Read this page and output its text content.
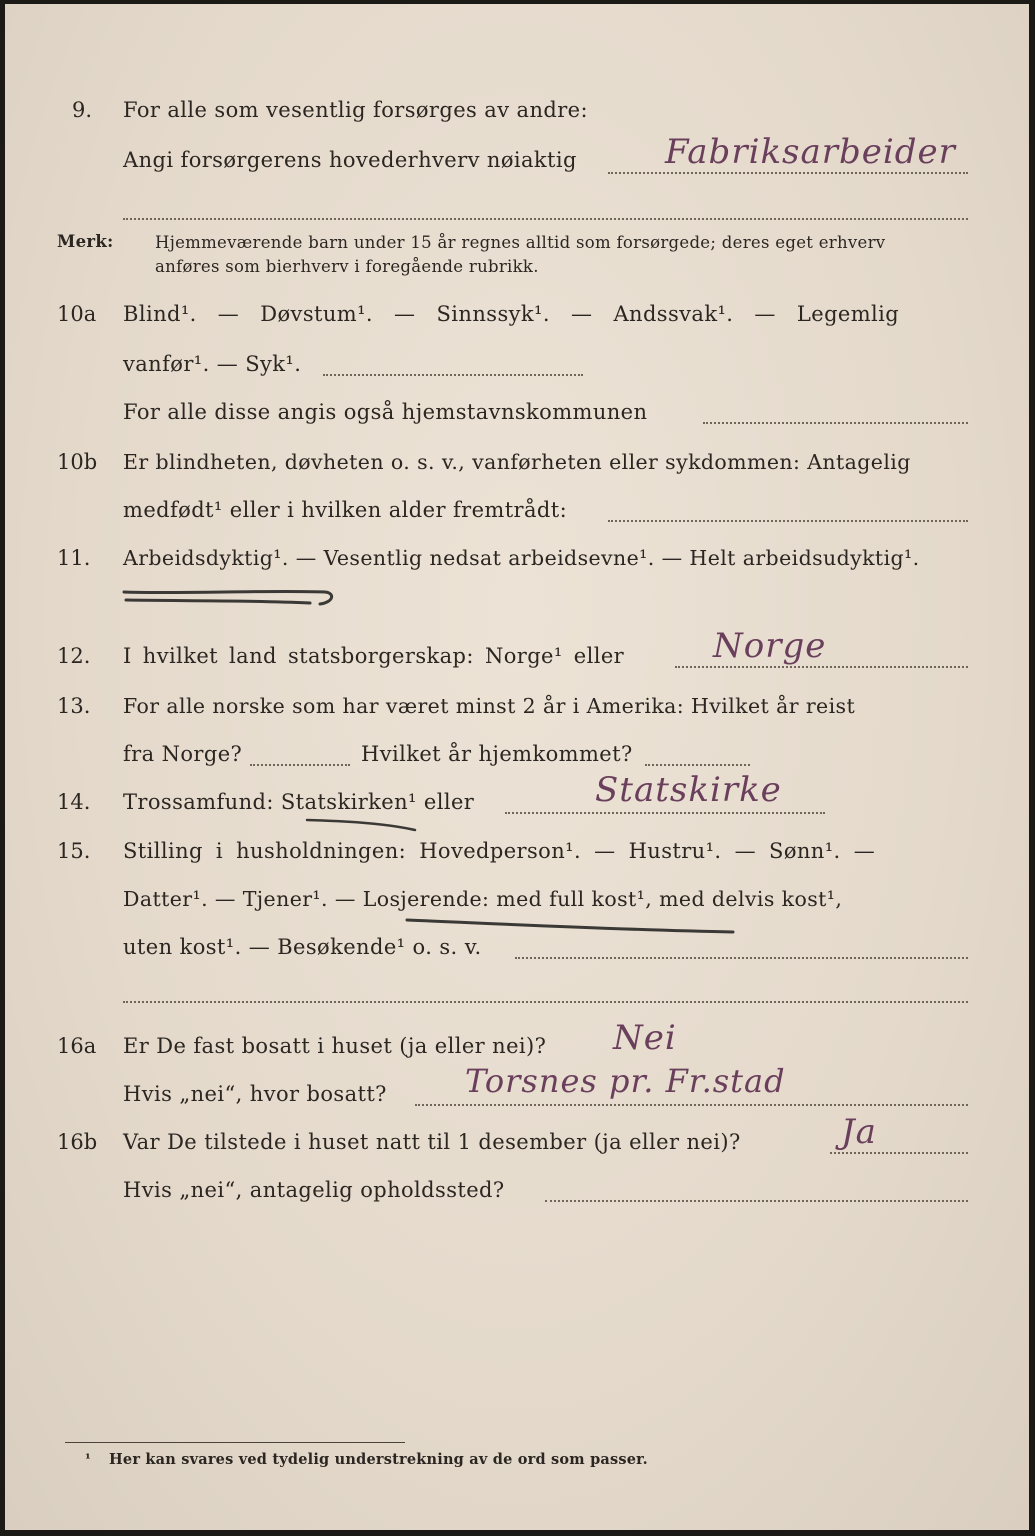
9. For alle som vesentlig forsørges av andre:
Angi forsørgerens hovederhverv nøiaktig	Fabriksarbeider
Merk:	Hjemmeværende barn under 15 år regnes alltid som forsørgede; deres eget erhverv
anføres som bierhverv i foregående rubrikk.
10a Blind¹. — Døvstum¹. — Sinnssyk¹. — Andssvak¹. — Legemlig
vanfør¹. — Syk¹.
For alle disse angis også hjemstavnskommunen
10b Er blindheten, døvheten o. s. v., vanførheten eller sykdommen: Antagelig
medfødt¹ eller i hvilken alder fremtrådt:
11. Arbeidsdyktig¹. — Vesentlig nedsat arbeidsevne¹. — Helt arbeidsudyktig¹.
12. I hvilket land statsborgerskap: Norge¹ eller	Norge
13. For alle norske som har været minst 2 år i Amerika: Hvilket år reist
fra Norge?	Hvilket år hjemkommet?
14. Trossamfund: Statskirken¹ eller	Statskirke
15. Stilling i husholdningen: Hovedperson¹. — Hustru¹. — Sønn¹. —
Datter¹. — Tjener¹. — Losjerende: med full kost¹, med delvis kost¹,
uten kost¹. — Besøkende¹ o. s. v.
16a Er De fast bosatt i huset (ja eller nei)? Nei
Hvis „nei“, hvor bosatt? Torsnes pr. Fr.stad
16b Var De tilstede i huset natt til 1 desember (ja eller nei)?	Ja
Hvis „nei“, antagelig opholdssted?
¹ Her kan svares ved tydelig understrekning av de ord som passer.
